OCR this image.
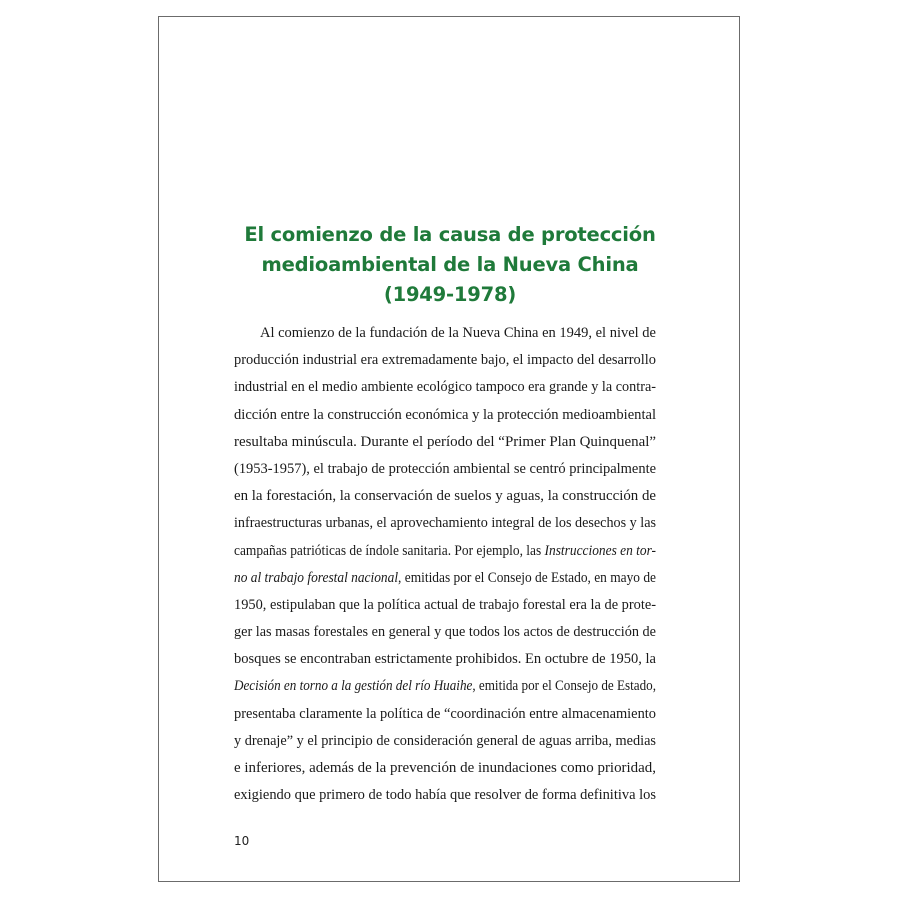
El comienzo de la causa de protección
medioambiental de la Nueva China
(1949-1978)
Al comienzo de la fundación de la Nueva China en 1949, el nivel de
producción industrial era extremadamente bajo, el impacto del desarrollo
industrial en el medio ambiente ecológico tampoco era grande y la contra-
dicción entre la construcción económica y la protección medioambiental
resultaba minúscula. Durante el período del “Primer Plan Quinquenal”
(1953-1957), el trabajo de protección ambiental se centró principalmente
en la forestación, la conservación de suelos y aguas, la construcción de
infraestructuras urbanas, el aprovechamiento integral de los desechos y las
campañas patrióticas de índole sanitaria. Por ejemplo, las Instrucciones en tor-
no al trabajo forestal nacional, emitidas por el Consejo de Estado, en mayo de
1950, estipulaban que la política actual de trabajo forestal era la de prote-
ger las masas forestales en general y que todos los actos de destrucción de
bosques se encontraban estrictamente prohibidos. En octubre de 1950, la
Decisión en torno a la gestión del río Huaihe, emitida por el Consejo de Estado,
presentaba claramente la política de “coordinación entre almacenamiento
y drenaje” y el principio de consideración general de aguas arriba, medias
e inferiores, además de la prevención de inundaciones como prioridad,
exigiendo que primero de todo había que resolver de forma definitiva los
10
